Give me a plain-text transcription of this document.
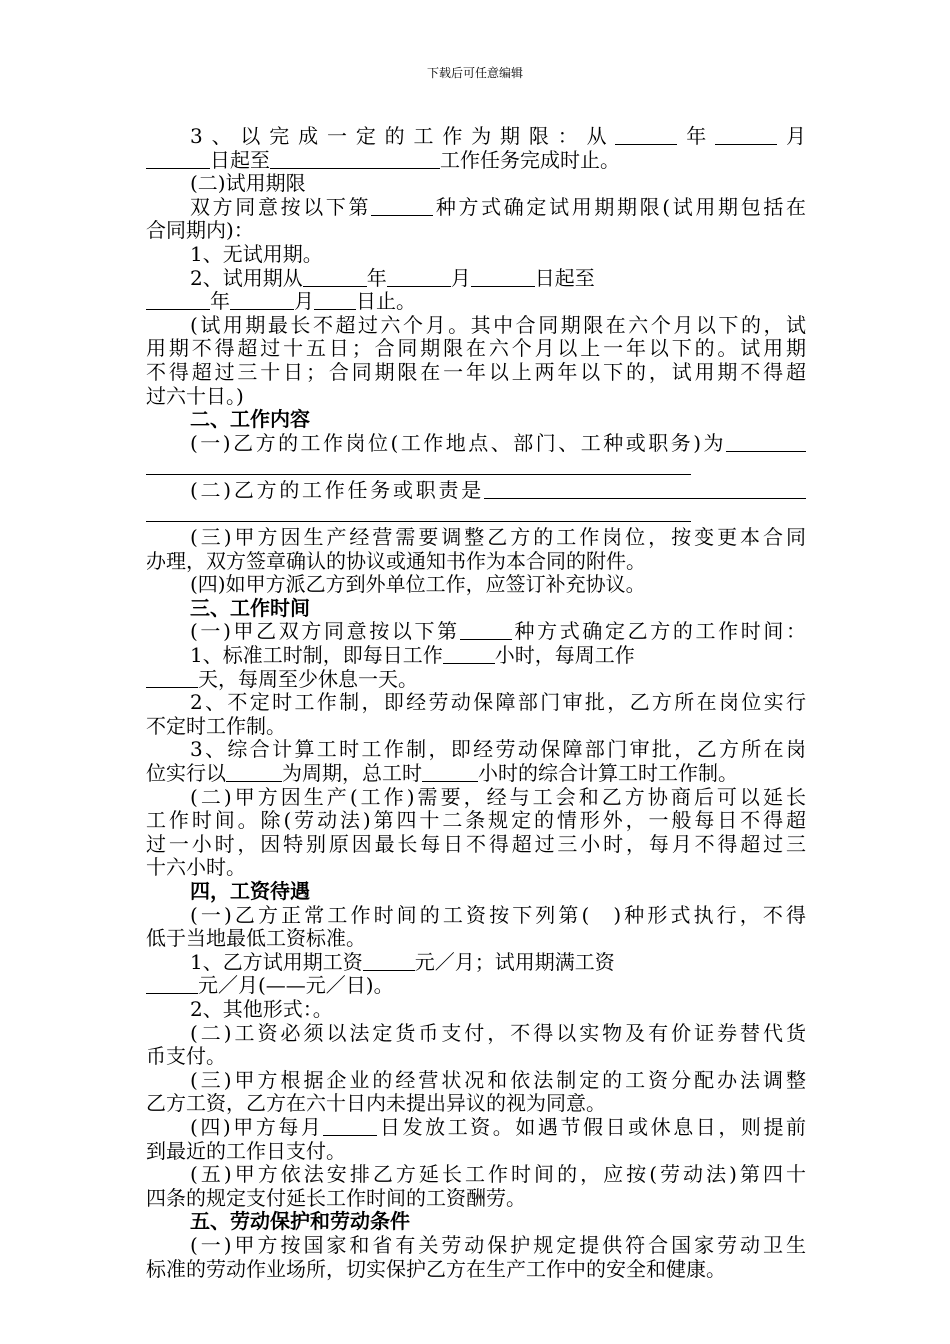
下载后可任意编辑
3、以完成一定的工作为期限：从	年	月
日起至	工作任务完成时止。
(二)试用期限
双方同意按以下第	种方式确定试用期期限(试用期包括在
合同期内)：
1、无试用期。
2、试用期从	年	月	日起至
年	月 日止。
(试用期最长不超过六个月。其中合同期限在六个月以下的，试
用期不得超过十五日；合同期限在六个月以上一年以下的。试用期
不得超过三十日；合同期限在一年以上两年以下的，试用期不得超
过六十日。)
二、工作内容
(一)乙方的工作岗位(工作地点、部门、工种或职务)为
(二)乙方的工作任务或职责是
(三)甲方因生产经营需要调整乙方的工作岗位，按变更本合同
办理，双方签章确认的协议或通知书作为本合同的附件。
(四)如甲方派乙方到外单位工作，应签订补充协议。
三、工作时间
(一)甲乙双方同意按以下第	种方式确定乙方的工作时间：
1、标准工时制，即每日工作	小时，每周工作
天，每周至少休息一天。
2、不定时工作制，即经劳动保障部门审批，乙方所在岗位实行
不定时工作制。
3、综合计算工时工作制，即经劳动保障部门审批，乙方所在岗
位实行以	为周期，总工时	小时的综合计算工时工作制。
(二)甲方因生产(工作)需要，经与工会和乙方协商后可以延长
工作时间。除(劳动法)第四十二条规定的情形外，一般每日不得超
过一小时，因特别原因最长每日不得超过三小时，每月不得超过三
十六小时。
四，工资待遇
(一)乙方正常工作时间的工资按下列第( )种形式执行，不得
低于当地最低工资标准。
1、乙方试用期工资	元／月；试用期满工资
元／月(——元／日)。
2、其他形式：。
(二)工资必须以法定货币支付，不得以实物及有价证券替代货
币支付。
(三)甲方根据企业的经营状况和依法制定的工资分配办法调整
乙方工资，乙方在六十日内未提出异议的视为同意。
(四)甲方每月	日发放工资。如遇节假日或休息日，则提前
到最近的工作日支付。
(五)甲方依法安排乙方延长工作时间的，应按(劳动法)第四十
四条的规定支付延长工作时间的工资酬劳。
五、劳动保护和劳动条件
(一)甲方按国家和省有关劳动保护规定提供符合国家劳动卫生
标准的劳动作业场所，切实保护乙方在生产工作中的安全和健康。
